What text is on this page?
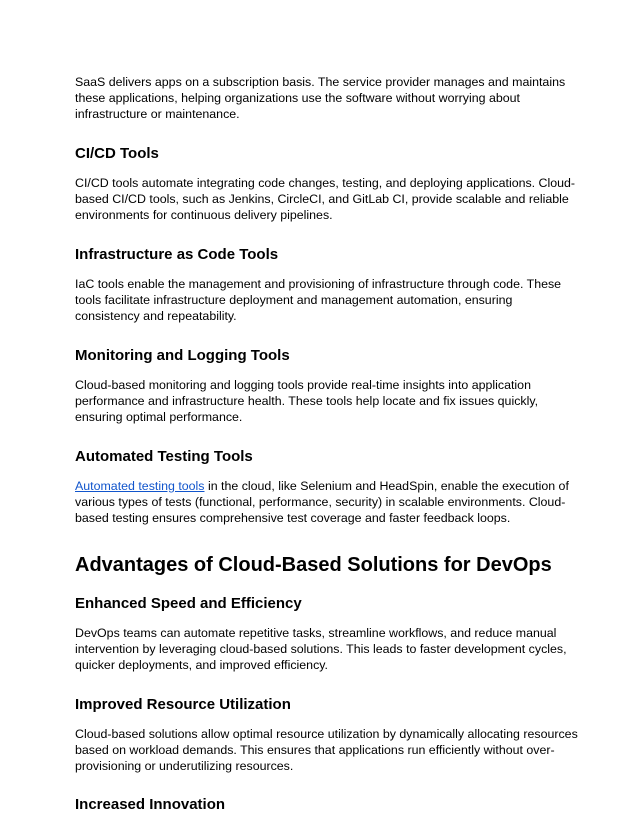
SaaS delivers apps on a subscription basis. The service provider manages and maintains these applications, helping organizations use the software without worrying about infrastructure or maintenance.

CI/CD Tools

CI/CD tools automate integrating code changes, testing, and deploying applications. Cloud-based CI/CD tools, such as Jenkins, CircleCI, and GitLab CI, provide scalable and reliable environments for continuous delivery pipelines.

Infrastructure as Code Tools

IaC tools enable the management and provisioning of infrastructure through code. These tools facilitate infrastructure deployment and management automation, ensuring consistency and repeatability.

Monitoring and Logging Tools

Cloud-based monitoring and logging tools provide real-time insights into application performance and infrastructure health. These tools help locate and fix issues quickly, ensuring optimal performance.

Automated Testing Tools

Automated testing tools in the cloud, like Selenium and HeadSpin, enable the execution of various types of tests (functional, performance, security) in scalable environments. Cloud-based testing ensures comprehensive test coverage and faster feedback loops.

Advantages of Cloud-Based Solutions for DevOps
Enhanced Speed and Efficiency

DevOps teams can automate repetitive tasks, streamline workflows, and reduce manual intervention by leveraging cloud-based solutions. This leads to faster development cycles, quicker deployments, and improved efficiency.

Improved Resource Utilization

Cloud-based solutions allow optimal resource utilization by dynamically allocating resources based on workload demands. This ensures that applications run efficiently without over-provisioning or underutilizing resources.

Increased Innovation
